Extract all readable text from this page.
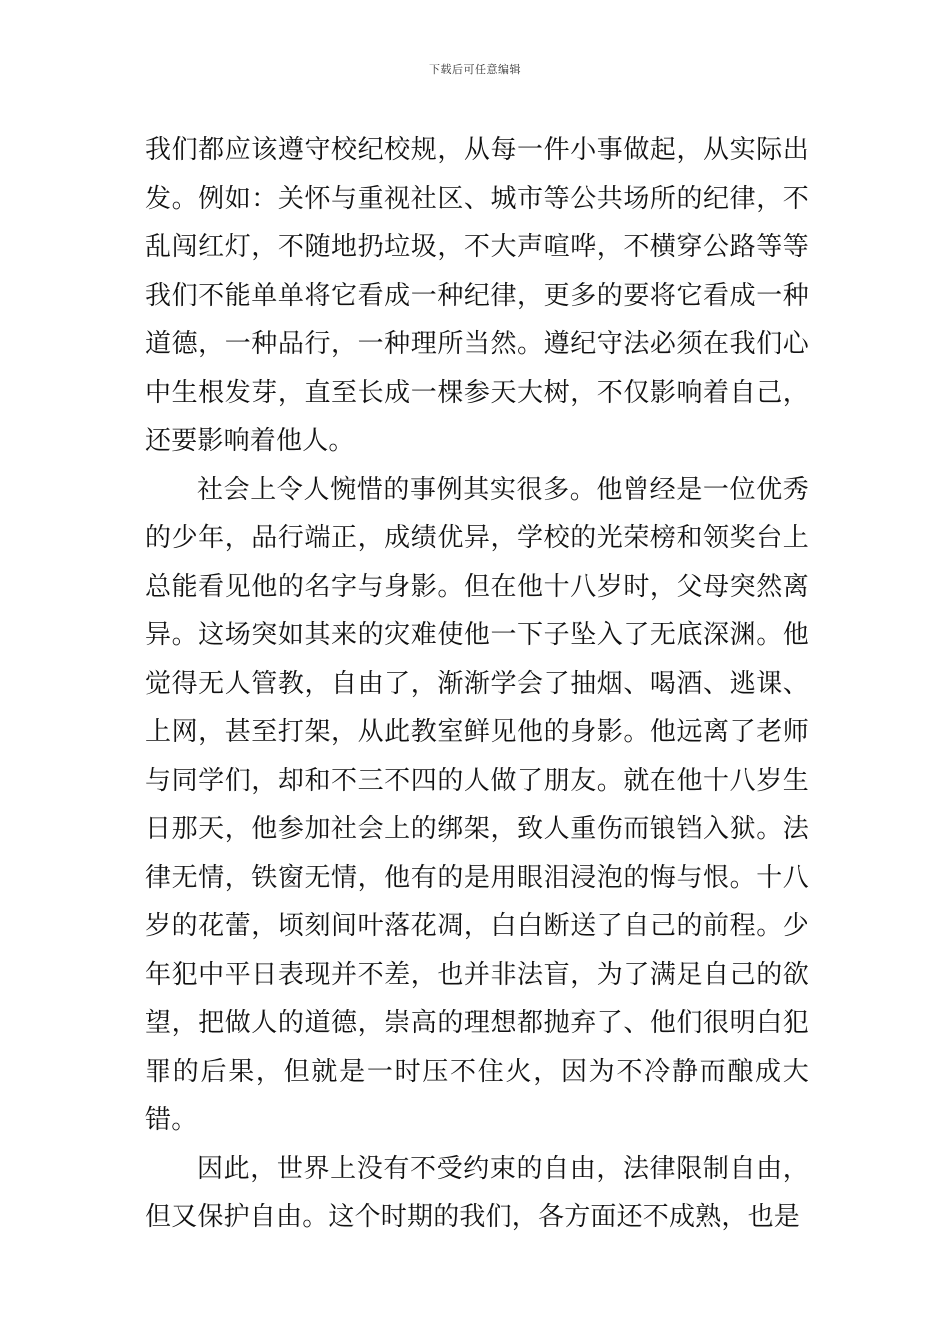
下载后可任意编辑

我们都应该遵守校纪校规，从每一件小事做起，从实际出发。例如：关怀与重视社区、城市等公共场所的纪律，不乱闯红灯，不随地扔垃圾，不大声喧哗，不横穿公路等等我们不能单单将它看成一种纪律，更多的要将它看成一种道德，一种品行，一种理所当然。遵纪守法必须在我们心中生根发芽，直至长成一棵参天大树，不仅影响着自己，还要影响着他人。

社会上令人惋惜的事例其实很多。他曾经是一位优秀的少年，品行端正，成绩优异，学校的光荣榜和领奖台上总能看见他的名字与身影。但在他十八岁时，父母突然离异。这场突如其来的灾难使他一下子坠入了无底深渊。他觉得无人管教，自由了，渐渐学会了抽烟、喝酒、逃课、上网，甚至打架，从此教室鲜见他的身影。他远离了老师与同学们，却和不三不四的人做了朋友。就在他十八岁生日那天，他参加社会上的绑架，致人重伤而锒铛入狱。法律无情，铁窗无情，他有的是用眼泪浸泡的悔与恨。十八岁的花蕾，顷刻间叶落花凋，白白断送了自己的前程。少年犯中平日表现并不差，也并非法盲，为了满足自己的欲望，把做人的道德，崇高的理想都抛弃了、他们很明白犯罪的后果，但就是一时压不住火，因为不冷静而酿成大错。

因此，世界上没有不受约束的自由，法律限制自由，但又保护自由。这个时期的我们，各方面还不成熟，也是
